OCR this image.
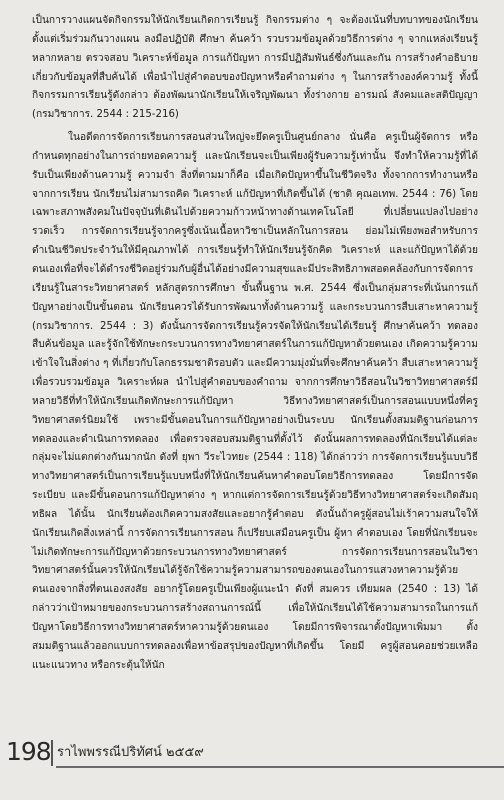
เป็นการวางแผนจัดกิจกรรมให้นักเรียนเกิดการเรียนรู้ กิจกรรมต่าง ๆ จะต้องเน้นที่บทบาทของนักเรียนตั้งแต่เริ่มร่วมกันวางแผน ลงมือปฏิบัติ ศึกษา ค้นคว้า รวบรวมข้อมูลด้วยวิธีการต่าง ๆ จากแหล่งเรียนรู้หลากหลาย ตรวจสอบ วิเคราะห์ข้อมูล การแก้ปัญหา การมีปฏิสัมพันธ์ซึ่งกันและกัน การสร้างคำอธิบายเกี่ยวกับข้อมูลที่สืบค้นได้ เพื่อนำไปสู่คำตอบของปัญหาหรือคำถามต่าง ๆ ในการสร้างองค์ความรู้ ทั้งนี้กิจกรรมการเรียนรู้ดังกล่าว ต้องพัฒนานักเรียนให้เจริญพัฒนา ทั้งร่างกาย อารมณ์ สังคมและสติปัญญา (กรมวิชาการ. 2544 : 215-216)

ในอดีตการจัดการเรียนการสอนส่วนใหญ่จะยึดครูเป็นศูนย์กลาง นั่นคือ ครูเป็นผู้จัดการ หรือกำหนดทุกอย่างในการถ่ายทอดความรู้ และนักเรียนจะเป็นเพียงผู้รับความรู้เท่านั้น จึงทำให้ความรู้ที่ได้รับเป็นเพียงด้านความรู้ ความจำ สิ่งที่ตามมาก็คือ เมื่อเกิดปัญหาขึ้นในชีวิตจริง ทั้งจากการทำงานหรือจากการเรียน นักเรียนไม่สามารถคิด วิเคราะห์ แก้ปัญหาที่เกิดขึ้นได้ (ชาติ คุณอเทพ. 2544 : 76) โดยเฉพาะสภาพสังคมในปัจจุบันที่เดินไปด้วยความก้าวหน้าทางด้านเทคโนโลยี ที่เปลี่ยนแปลงไปอย่างรวดเร็ว การจัดการเรียนรู้จากครูซึ่งเน้นเนื้อหาวิชาเป็นหลักในการสอน ย่อมไม่เพียงพอสำหรับการดำเนินชีวิตประจำวันให้มีคุณภาพได้ การเรียนรู้ทำให้นักเรียนรู้จักคิด วิเคราะห์ และแก้ปัญหาได้ด้วยตนเองเพื่อที่จะได้ดำรงชีวิตอยู่ร่วมกับผู้อื่นได้อย่างมีความสุขและมีประสิทธิภาพสอดคล้องกับการจัดการเรียนรู้ในสาระวิทยาศาสตร์ หลักสูตรการศึกษา ขั้นพื้นฐาน พ.ศ. 2544 ซึ่งเป็นกลุ่มสาระที่เน้นการแก้ปัญหาอย่างเป็นขั้นตอน นักเรียนควรได้รับการพัฒนาทั้งด้านความรู้ และกระบวนการสืบเสาะหาความรู้ (กรมวิชาการ. 2544 : 3) ดังนั้นการจัดการเรียนรู้ควรจัดให้นักเรียนได้เรียนรู้ ศึกษาค้นคว้า ทดลอง สืบค้นข้อมูล และรู้จักใช้ทักษะกระบวนการทางวิทยาศาสตร์ในการแก้ปัญหาด้วยตนเอง เกิดความรู้ความเข้าใจในสิ่งต่าง ๆ ที่เกี่ยวกับโลกธรรมชาติรอบตัว และมีความมุ่งมั่นที่จะศึกษาค้นคว้า สืบเสาะหาความรู้เพื่อรวบรวมข้อมูล วิเคราะห์ผล นำไปสู่คำตอบของคำถาม จากการศึกษาวิธีสอนในวิชาวิทยาศาสตร์มีหลายวิธีที่ทำให้นักเรียนเกิดทักษะการแก้ปัญหา วิธีทางวิทยาศาสตร์เป็นการสอนแบบหนึ่งที่ครูวิทยาศาสตร์นิยมใช้ เพราะมีขั้นตอนในการแก้ปัญหาอย่างเป็นระบบ นักเรียนตั้งสมมติฐานก่อนการทดลองและดำเนินการทดลอง เพื่อตรวจสอบสมมติฐานที่ตั้งไว้ ดังนั้นผลการทดลองที่นักเรียนได้แต่ละกลุ่มจะไม่แตกต่างกันมากนัก ดังที่ ยุพา วีระไวทยะ (2544 : 118) ได้กล่าวว่า การจัดการเรียนรู้แบบวิธีทางวิทยาศาสตร์เป็นการเรียนรู้แบบหนึ่งที่ให้นักเรียนค้นหาคำตอบโดยวิธีการทดลอง โดยมีการจัดระเบียบ และมีขั้นตอนการแก้ปัญหาต่าง ๆ หากแต่การจัดการเรียนรู้ด้วยวิธีทางวิทยาศาสตร์จะเกิดสัมฤทธิผล ได้นั้น นักเรียนต้องเกิดความสงสัยและอยากรู้คำตอบ ดังนั้นถ้าครูผู้สอนไม่เร้าความสนใจให้นักเรียนเกิดสิ่งเหล่านี้ การจัดการเรียนการสอน ก็เปรียบเสมือนครูเป็น ผู้หา คำตอบเอง โดยที่นักเรียนจะไม่เกิดทักษะการแก้ปัญหาด้วยกระบวนการทางวิทยาศาสตร์ การจัดการเรียนการสอนในวิชาวิทยาศาสตร์นั้นควรให้นักเรียนได้รู้จักใช้ความรู้ความสามารถของตนเองในการแสวงหาความรู้ด้วยตนเองจากสิ่งที่ตนเองสงสัย อยากรู้โดยครูเป็นเพียงผู้แนะนำ ดังที่ สมควร เทียมผล (2540 : 13) ได้กล่าวว่าเป้าหมายของกระบวนการสร้างสถานการณ์นี้ เพื่อให้นักเรียนได้ใช้ความสามารถในการแก้ปัญหาโดยวิธีการทางวิทยาศาสตร์หาความรู้ด้วยตนเอง โดยมีการพิจารณาตั้งปัญหาเพิ่มมา ตั้งสมมติฐานแล้วออกแบบการทดลองเพื่อหาข้อสรุปของปัญหาที่เกิดขึ้น โดยมี ครูผู้สอนคอยช่วยเหลือ แนะแนวทาง หรือกระตุ้นให้นัก

198 ราไพพรรณีปริทัศน์ ๒๕๕๙
